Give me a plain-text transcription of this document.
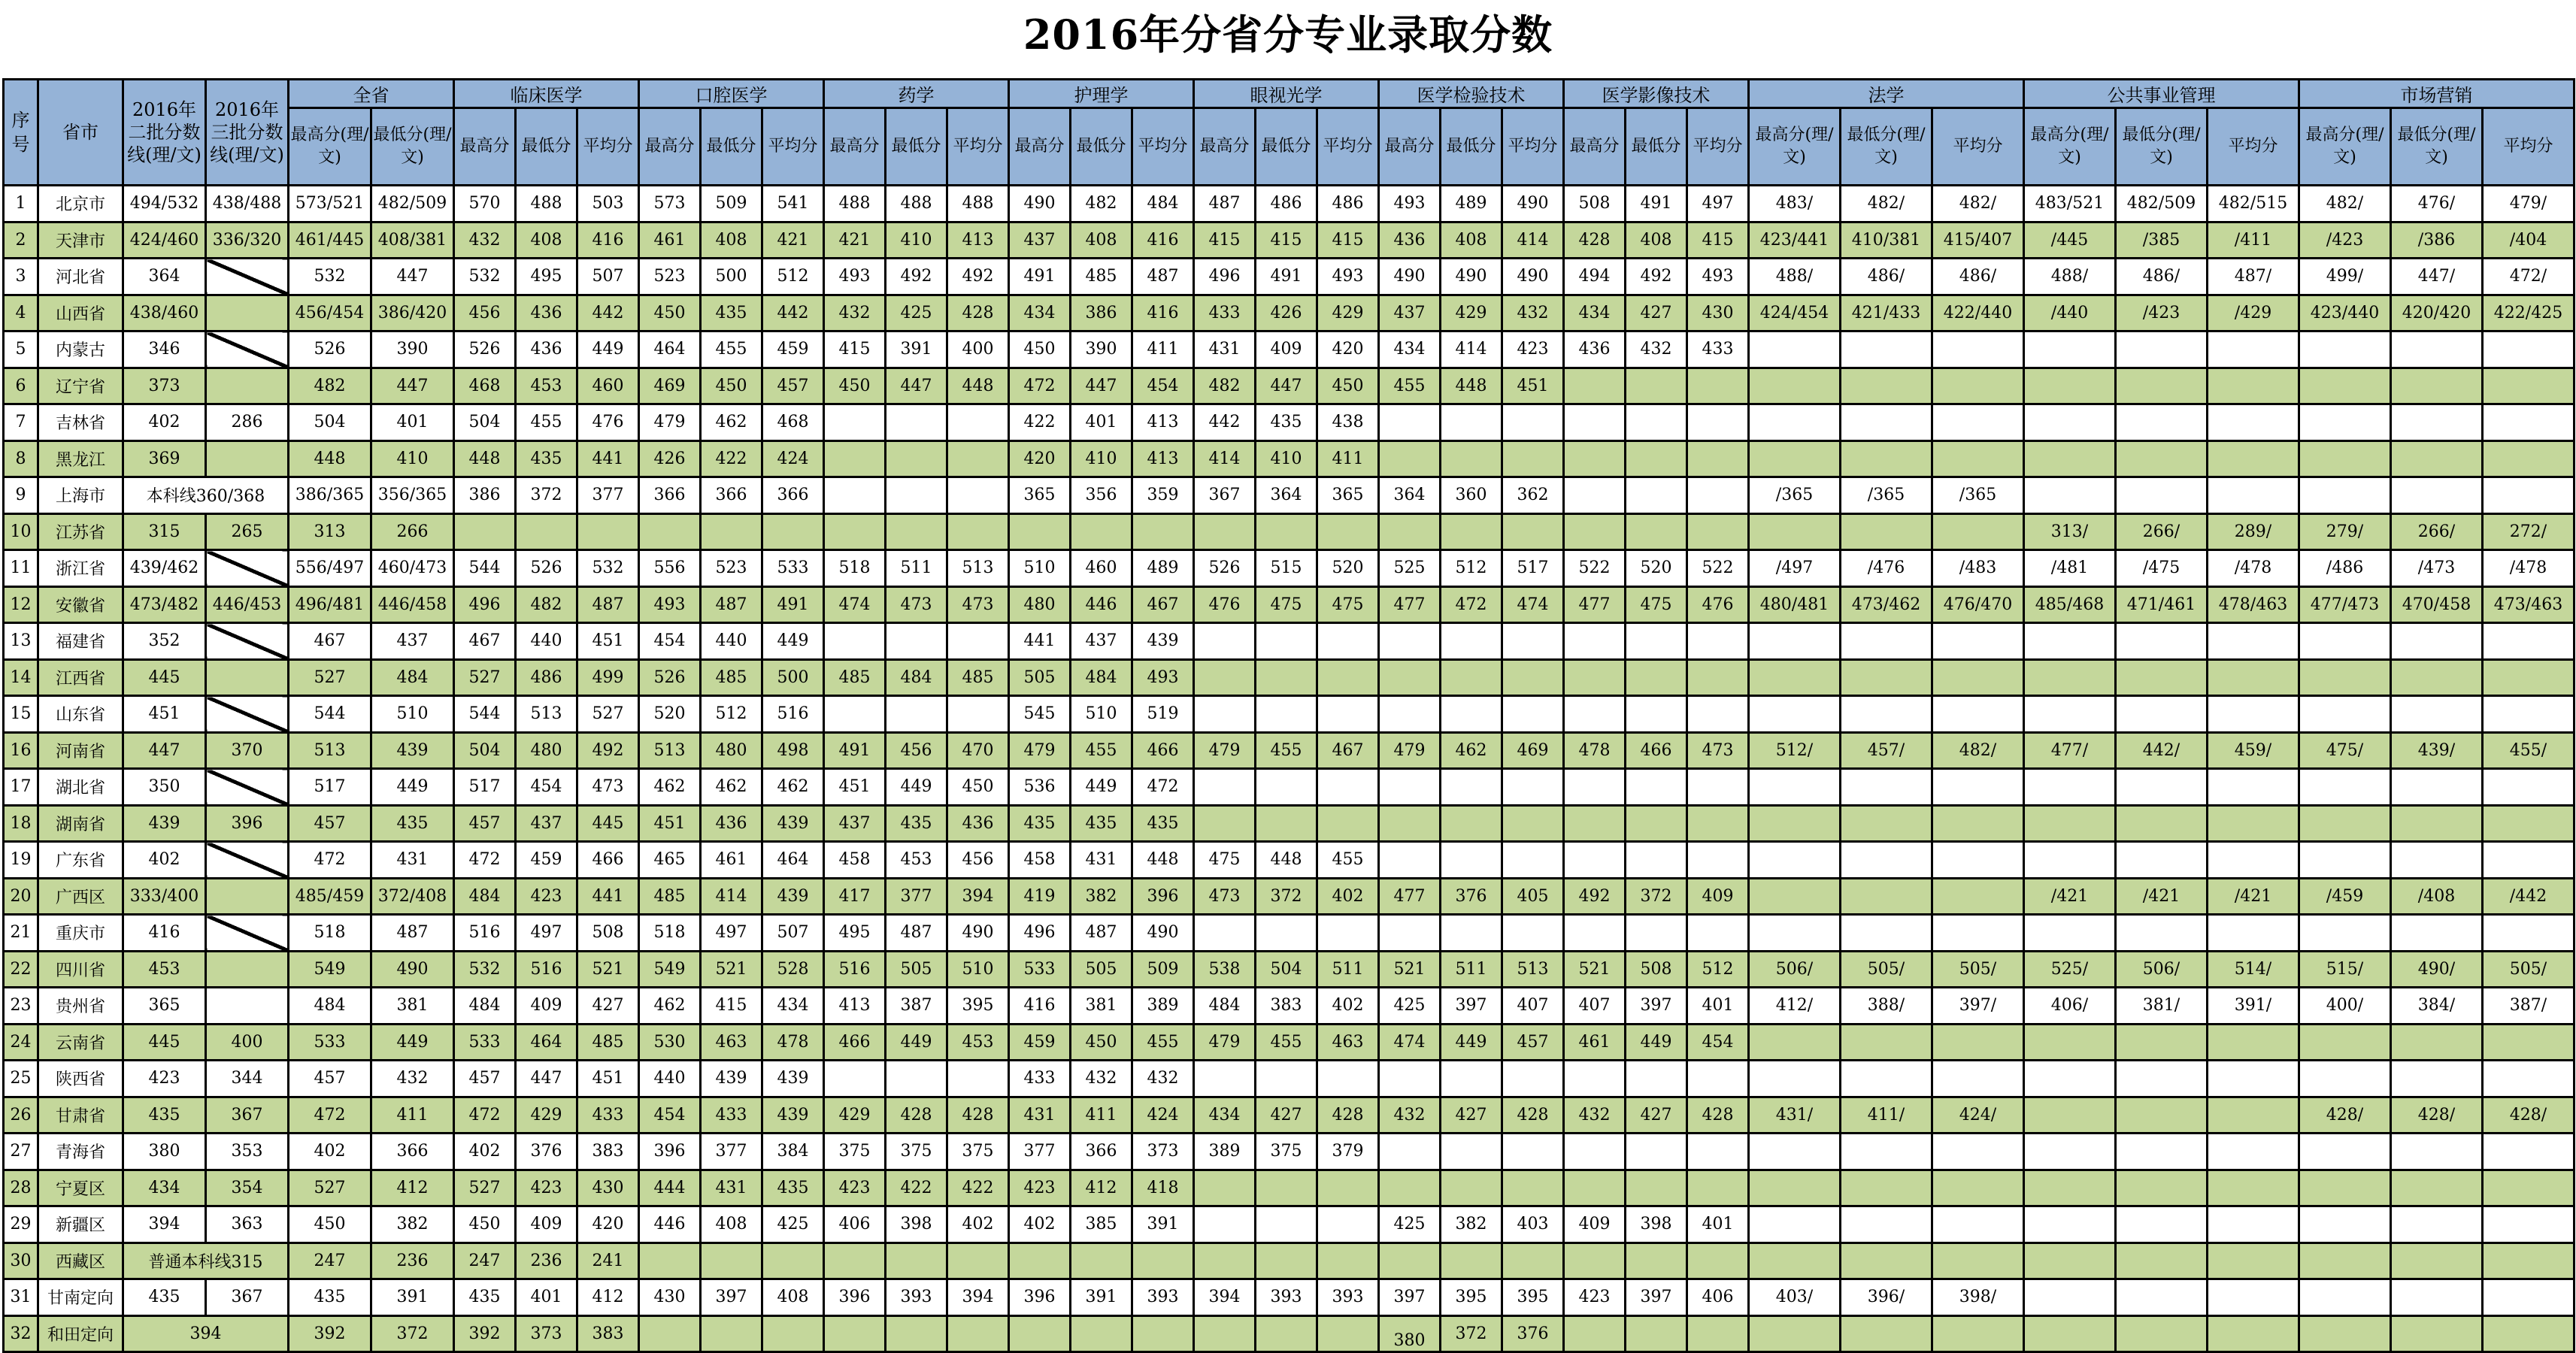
2016年分省分专业录取分数
序号	省市	2016年二批分数线(理/文)	2016年三批分数线(理/文)	全省		临床医学			口腔医学			药学			护理学			眼视光学			医学检验技术			医学影像技术			法学			公共事业管理			市场营销		
				最高分(理/文)	最低分(理/文)	最高分	最低分	平均分	最高分	最低分	平均分	最高分	最低分	平均分	最高分	最低分	平均分	最高分	最低分	平均分	最高分	最低分	平均分	最高分	最低分	平均分	最高分(理/文)	最低分(理/文)	平均分	最高分(理/文)	最低分(理/文)	平均分	最高分(理/文)	最低分(理/文)	平均分
1	北京市	494/532	438/488	573/521	482/509	570	488	503	573	509	541	488	488	488	490	482	484	487	486	486	493	489	490	508	491	497	483/	482/	482/	483/521	482/509	482/515	482/	476/	479/
2	天津市	424/460	336/320	461/445	408/381	432	408	416	461	408	421	421	410	413	437	408	416	415	415	415	436	408	414	428	408	415	423/441	410/381	415/407	/445	/385	/411	/423	/386	/404
3	河北省	364		532	447	532	495	507	523	500	512	493	492	492	491	485	487	496	491	493	490	490	490	494	492	493	488/	486/	486/	488/	486/	487/	499/	447/	472/
4	山西省	438/460		456/454	386/420	456	436	442	450	435	442	432	425	428	434	386	416	433	426	429	437	429	432	434	427	430	424/454	421/433	422/440	/440	/423	/429	423/440	420/420	422/425
5	内蒙古	346		526	390	526	436	449	464	455	459	415	391	400	450	390	411	431	409	420	434	414	423	436	432	433									
6	辽宁省	373		482	447	468	453	460	469	450	457	450	447	448	472	447	454	482	447	450	455	448	451												
7	吉林省	402	286	504	401	504	455	476	479	462	468				422	401	413	442	435	438															
8	黑龙江	369		448	410	448	435	441	426	422	424				420	410	413	414	410	411															
9	上海市	本科线360/368		386/365	356/365	386	372	377	366	366	366				365	356	359	367	364	365	364	360	362				/365	/365	/365						
10	江苏省	315	265	313	266																									313/	266/	289/	279/	266/	272/
11	浙江省	439/462		556/497	460/473	544	526	532	556	523	533	518	511	513	510	460	489	526	515	520	525	512	517	522	520	522	/497	/476	/483	/481	/475	/478	/486	/473	/478
12	安徽省	473/482	446/453	496/481	446/458	496	482	487	493	487	491	474	473	473	480	446	467	476	475	475	477	472	474	477	475	476	480/481	473/462	476/470	485/468	471/461	478/463	477/473	470/458	473/463
13	福建省	352		467	437	467	440	451	454	440	449				441	437	439																		
14	江西省	445		527	484	527	486	499	526	485	500	485	484	485	505	484	493																		
15	山东省	451		544	510	544	513	527	520	512	516				545	510	519																		
16	河南省	447	370	513	439	504	480	492	513	480	498	491	456	470	479	455	466	479	455	467	479	462	469	478	466	473	512/	457/	482/	477/	442/	459/	475/	439/	455/
17	湖北省	350		517	449	517	454	473	462	462	462	451	449	450	536	449	472																		
18	湖南省	439	396	457	435	457	437	445	451	436	439	437	435	436	435	435	435																		
19	广东省	402		472	431	472	459	466	465	461	464	458	453	456	458	431	448	475	448	455															
20	广西区	333/400		485/459	372/408	484	423	441	485	414	439	417	377	394	419	382	396	473	372	402	477	376	405	492	372	409				/421	/421	/421	/459	/408	/442
21	重庆市	416		518	487	516	497	508	518	497	507	495	487	490	496	487	490																		
22	四川省	453		549	490	532	516	521	549	521	528	516	505	510	533	505	509	538	504	511	521	511	513	521	508	512	506/	505/	505/	525/	506/	514/	515/	490/	505/
23	贵州省	365		484	381	484	409	427	462	415	434	413	387	395	416	381	389	484	383	402	425	397	407	407	397	401	412/	388/	397/	406/	381/	391/	400/	384/	387/
24	云南省	445	400	533	449	533	464	485	530	463	478	466	449	453	459	450	455	479	455	463	474	449	457	461	449	454									
25	陕西省	423	344	457	432	457	447	451	440	439	439				433	432	432																		
26	甘肃省	435	367	472	411	472	429	433	454	433	439	429	428	428	431	411	424	434	427	428	432	427	428	432	427	428	431/	411/	424/				428/	428/	428/
27	青海省	380	353	402	366	402	376	383	396	377	384	375	375	375	377	366	373	389	375	379															
28	宁夏区	434	354	527	412	527	423	430	444	431	435	423	422	422	423	412	418																		
29	新疆区	394	363	450	382	450	409	420	446	408	425	406	398	402	402	385	391				425	382	403	409	398	401									
30	西藏区	普通本科线315		247	236	247	236	241																											
31	甘南定向	435	367	435	391	435	401	412	430	397	408	396	393	394	396	391	393	394	393	393	397	395	395	423	397	406	403/	396/	398/						
32	和田定向	394		392	372	392	373	383													380	372	376												
